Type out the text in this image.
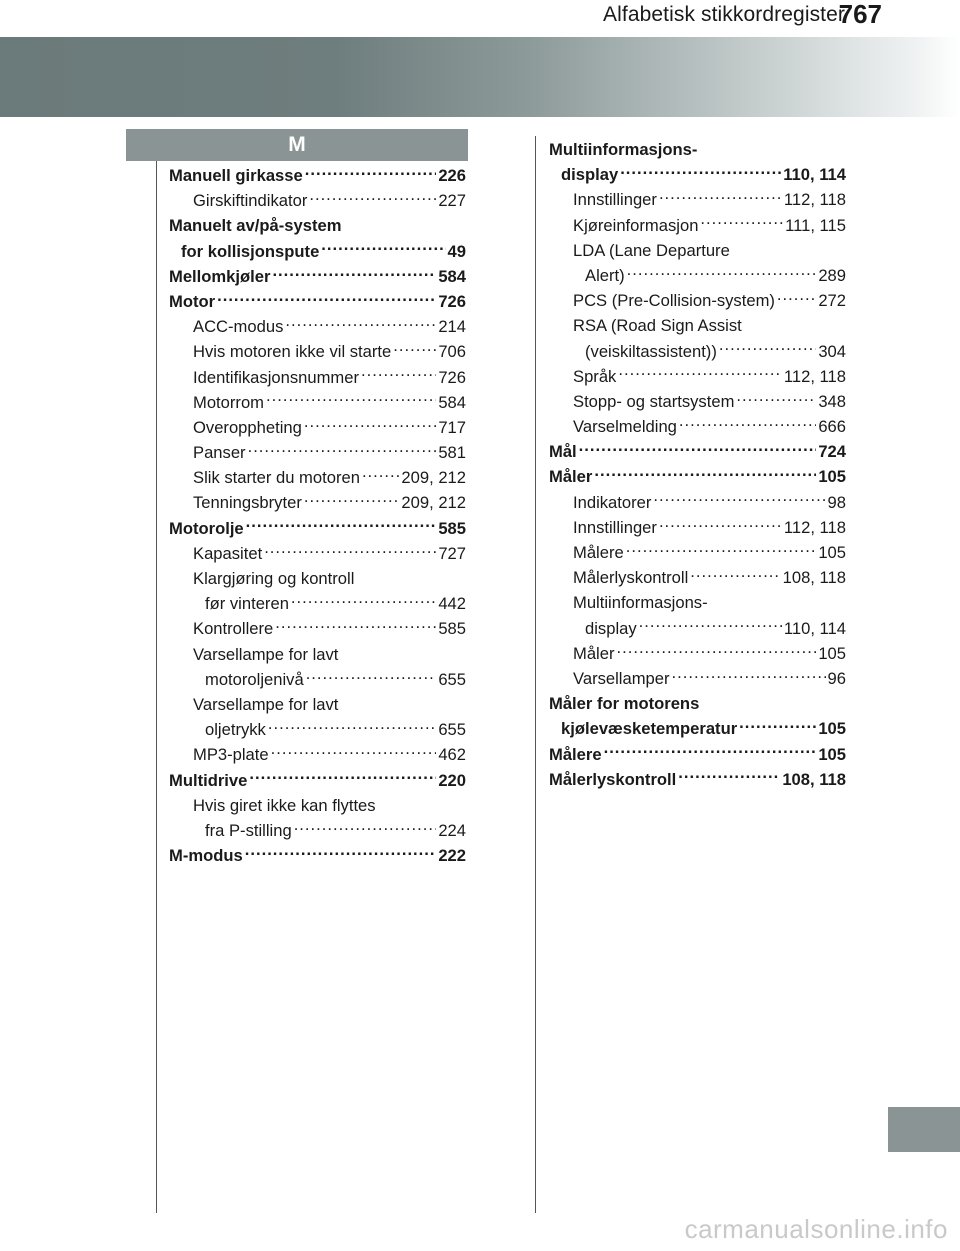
Alfabetisk stikkordregister
767
M
Manuell girkasse .....	226
Girskiftindikator .....	227
Manuelt av/på-system
for kollisjonspute .....	49
Mellomkjøler .....	584
Motor .....	726
ACC-modus .....	214
Hvis motoren ikke vil starte .....	706
Identifikasjonsnummer .....	726
Motorrom .....	584
Overoppheting .....	717
Panser .....	581
Slik starter du motoren ..... 209, 212
Tenningsbryter .....	209, 212
Motorolje .....	585
Kapasitet .....	727
Klargjøring og kontroll
før vinteren .....	442
Kontrollere .....	585
Varsellampe for lavt
motoroljenivå .....	655
Varsellampe for lavt
oljetrykk .....	655
MP3-plate .....	462
Multidrive .....	220
Hvis giret ikke kan flyttes
fra P-stilling .....	224
M-modus .....	222
Multiinformasjons-
display .....	110, 114
Innstillinger .....	112, 118
Kjøreinformasjon .....	111, 115
LDA (Lane Departure
Alert) .....	289
PCS (Pre-Collision-system) .....	272
RSA (Road Sign Assist
(veiskiltassistent)) .....	304
Språk .....	112, 118
Stopp- og startsystem .....	348
Varselmelding .....	666
Mål .....	724
Måler .....	105
Indikatorer .....	98
Innstillinger .....	112, 118
Målere .....	105
Målerlyskontroll .....	108, 118
Multiinformasjons-
display .....	110, 114
Måler .....	105
Varsellamper .....	96
Måler for motorens
kjølevæsketemperatur .....	105
Målere .....	105
Målerlyskontroll .....	108, 118
carmanualsonline.info
